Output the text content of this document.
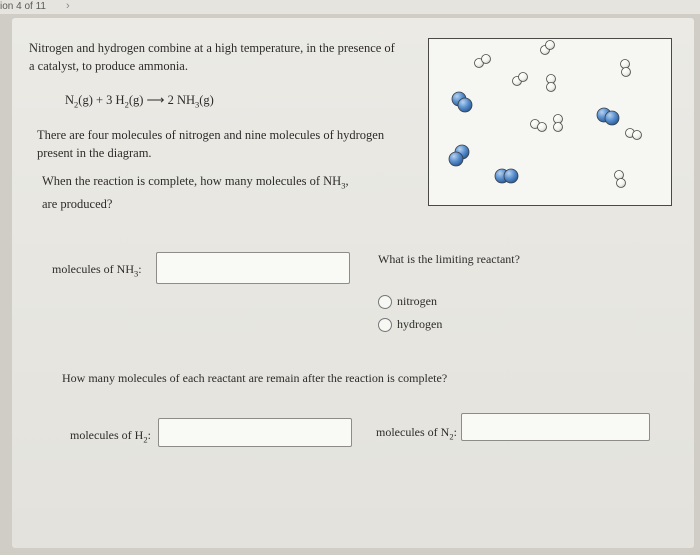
ion 4 of 11 ›
Nitrogen and hydrogen combine at a high temperature, in the presence of
a catalyst, to produce ammonia.
$N_2(g) + 3$ $H_2(g)$ ⟶ 2 $NH_3(g)$
There are four molecules of nitrogen and nine molecules of hydrogen
present in the diagram.
When the reaction is complete, how many molecules of $NH_3$,
are produced?
molecules of $NH_3$:
What is the limiting reactant?
nitrogen
hydrogen
How many molecules of each reactant are remain after the reaction is complete?
molecules of $H_2$:	molecules of $N_2$:
